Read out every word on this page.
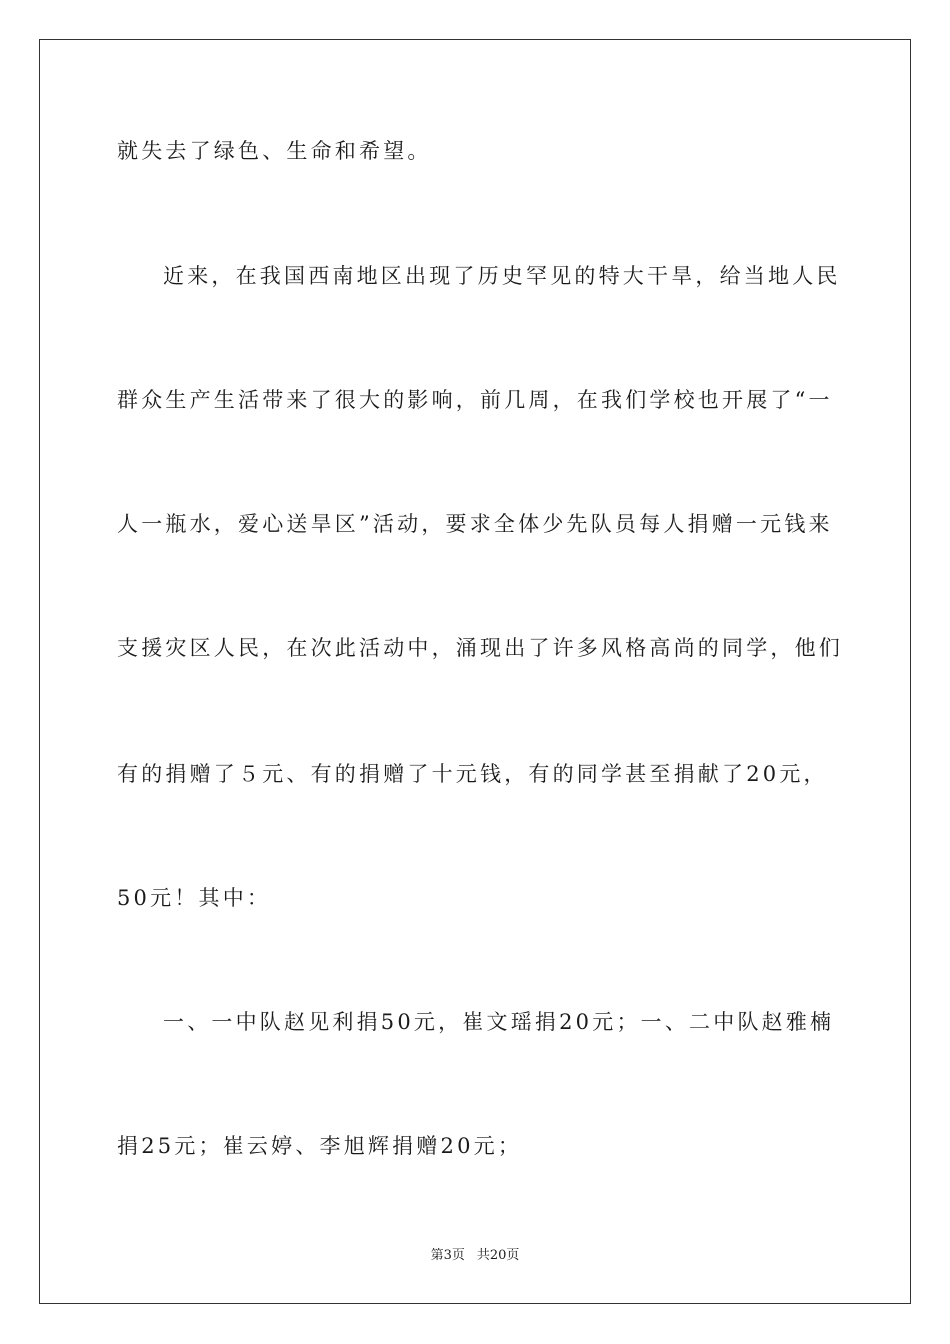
就失去了绿色、生命和希望。
近来，在我国西南地区出现了历史罕见的特大干旱，给当地人民
群众生产生活带来了很大的影响，前几周，在我们学校也开展了“一
人一瓶水，爱心送旱区”活动，要求全体少先队员每人捐赠一元钱来
支援灾区人民，在次此活动中，涌现出了许多风格高尚的同学，他们
有的捐赠了５元、有的捐赠了十元钱，有的同学甚至捐献了20元，
50元！其中：
一、一中队赵见利捐50元，崔文瑶捐20元；一、二中队赵雅楠
捐25元；崔云婷、李旭辉捐赠20元；
第3页 共20页
